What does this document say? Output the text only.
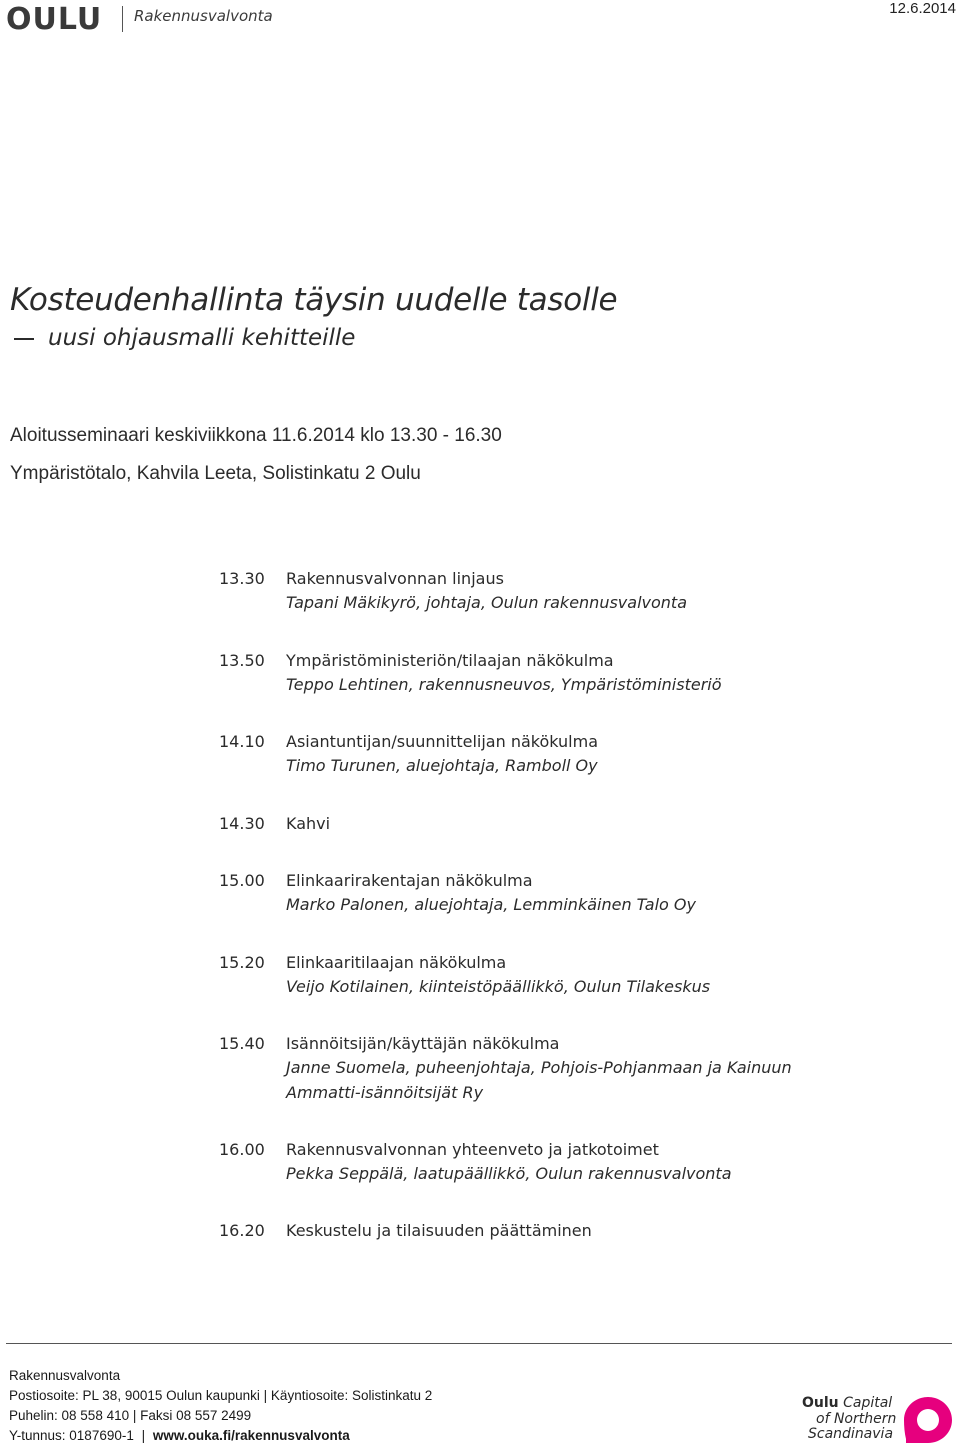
OULU Rakennusvalvonta	12.6.2014
Kosteudenhallinta täysin uudelle tasolle
uusi ohjausmalli kehitteille
Aloitusseminaari keskiviikkona 11.6.2014 klo 13.30 - 16.30
Ympäristötalo, Kahvila Leeta, Solistinkatu 2 Oulu
13.30 Rakennusvalvonnan linjaus
Tapani Mäkikyrö, johtaja, Oulun rakennusvalvonta
13.50 Ympäristöministeriön/tilaajan näkökulma
Teppo Lehtinen, rakennusneuvos, Ympäristöministeriö
14.10 Asiantuntijan/suunnittelijan näkökulma
Timo Turunen, aluejohtaja, Ramboll Oy
14.30 Kahvi
15.00 Elinkaarirakentajan näkökulma
Marko Palonen, aluejohtaja, Lemminkäinen Talo Oy
15.20 Elinkaaritilaajan näkökulma
Veijo Kotilainen, kiinteistöpäällikkö, Oulun Tilakeskus
15.40 Isännöitsijän/käyttäjän näkökulma
Janne Suomela, puheenjohtaja, Pohjois-Pohjanmaan ja Kainuun Ammatti-isännöitsijät Ry
16.00 Rakennusvalvonnan yhteenveto ja jatkotoimet
Pekka Seppälä, laatupäällikkö, Oulun rakennusvalvonta
16.20 Keskustelu ja tilaisuuden päättäminen
Rakennusvalvonta
Postiosoite: PL 38, 90015 Oulun kaupunki | Käyntiosoite: Solistinkatu 2
Puhelin: 08 558 410 | Faksi 08 557 2499
Y-tunnus: 0187690-1 | www.ouka.fi/rakennusvalvonta
Oulu Capital
of Northern
Scandinavia
